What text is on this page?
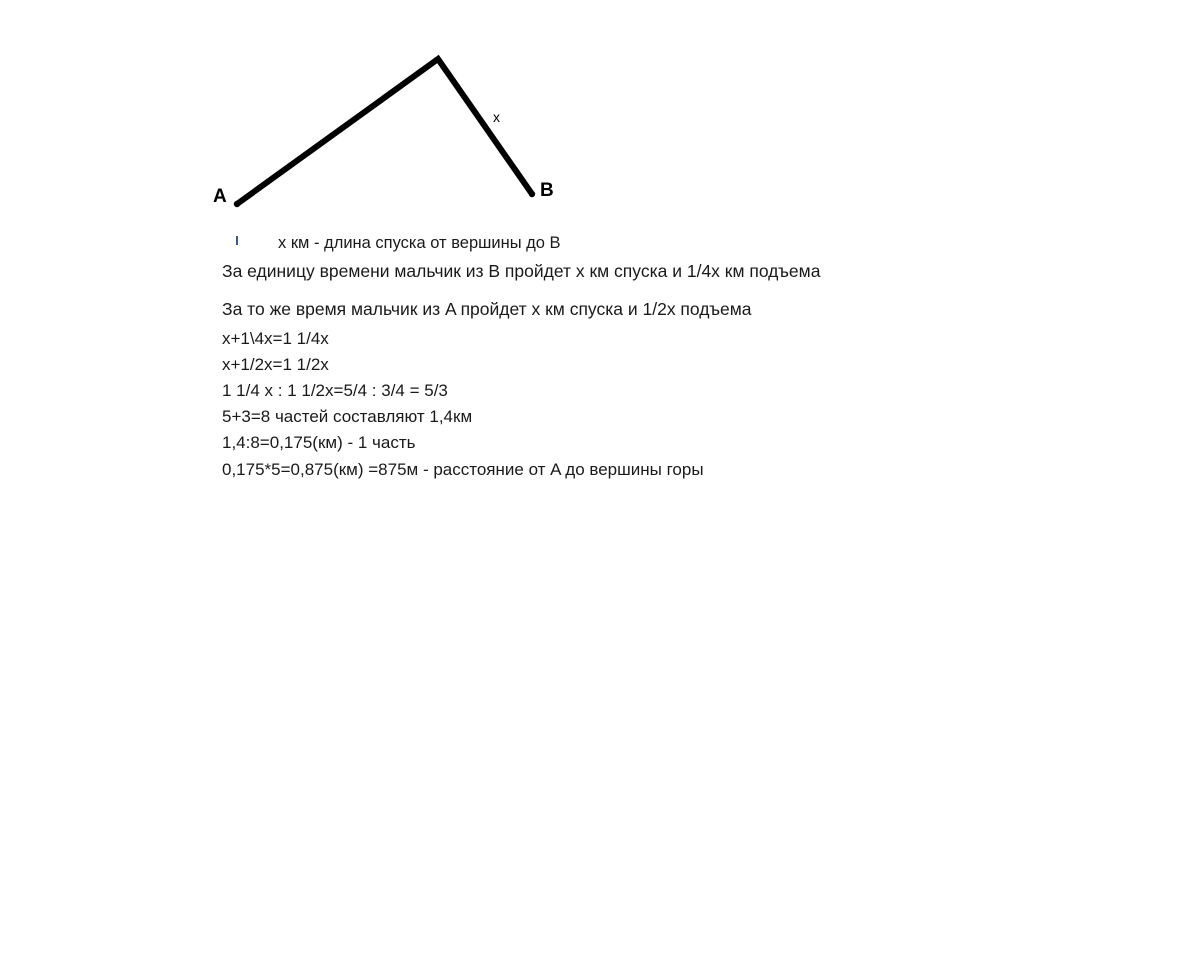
A	B
x
x км - длина спуска от вершины до B
За единицу времени мальчик из B пройдет x км спуска и 1/4x км подъема
За то же время мальчик из A пройдет x км спуска и 1/2x подъема
x+1\4x=1 1/4x
x+1/2x=1 1/2x
1 1/4 x : 1 1/2x=5/4 : 3/4 = 5/3
5+3=8 частей составляют 1,4км
1,4:8=0,175(км) - 1 часть
0,175*5=0,875(км) =875м - расстояние от A до вершины горы
